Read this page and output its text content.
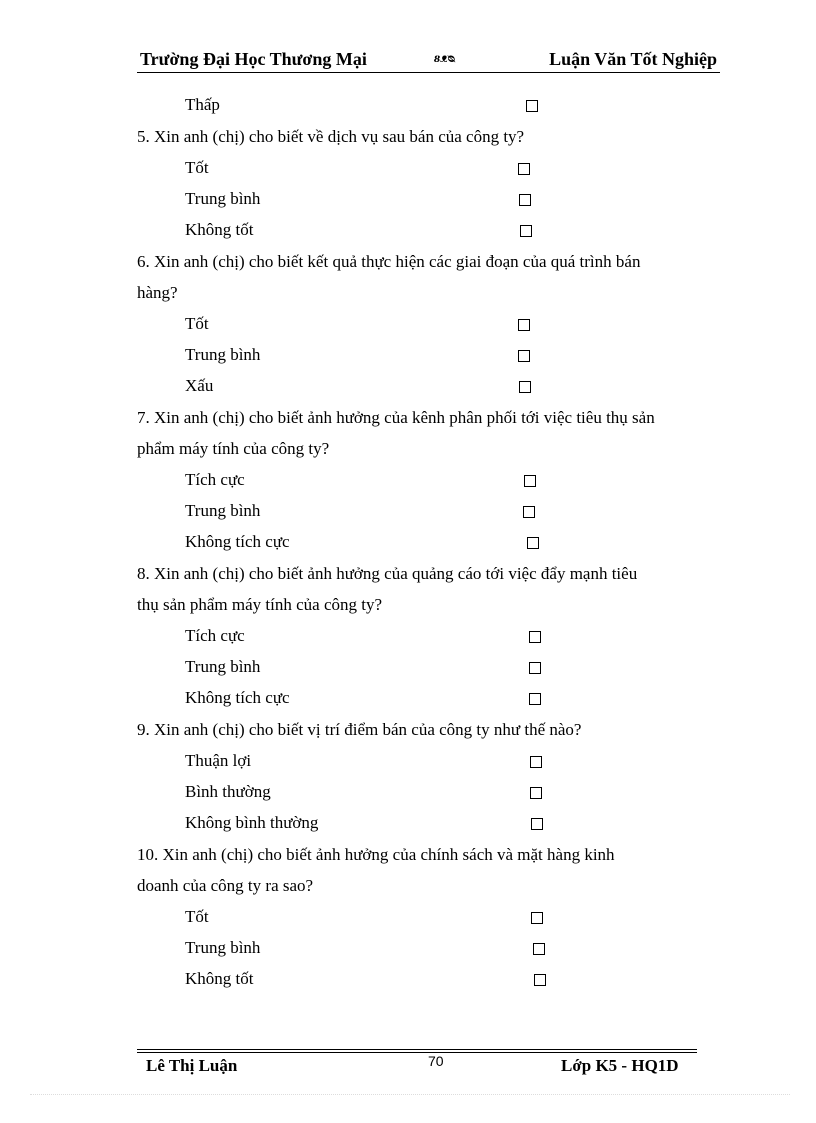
Trường Đại Học Thương Mại	ᴕᴥᴓ	Luận Văn Tốt Nghiệp
Thấp
5. Xin anh (chị) cho biết về dịch vụ sau bán của công ty?
Tốt
Trung bình
Không tốt
6. Xin anh (chị) cho biết kết quả thực hiện các giai đoạn của quá trình bán
hàng?
Tốt
Trung bình
Xấu
7. Xin anh (chị) cho biết ảnh hưởng của kênh phân phối tới việc tiêu thụ sản
phẩm máy tính của công ty?
Tích cực
Trung bình
Không tích cực
8. Xin anh (chị) cho biết ảnh hưởng của quảng cáo tới việc đẩy mạnh tiêu
thụ sản phẩm máy tính của công ty?
Tích cực
Trung bình
Không tích cực
9. Xin anh (chị) cho biết vị trí điểm bán của công ty như thế nào?
Thuận lợi
Bình thường
Không bình thường
10. Xin anh (chị) cho biết ảnh hưởng của chính sách và mặt hàng kinh
doanh của công ty ra sao?
Tốt
Trung bình
Không tốt
Lê Thị Luận	70	Lớp K5 - HQ1D
